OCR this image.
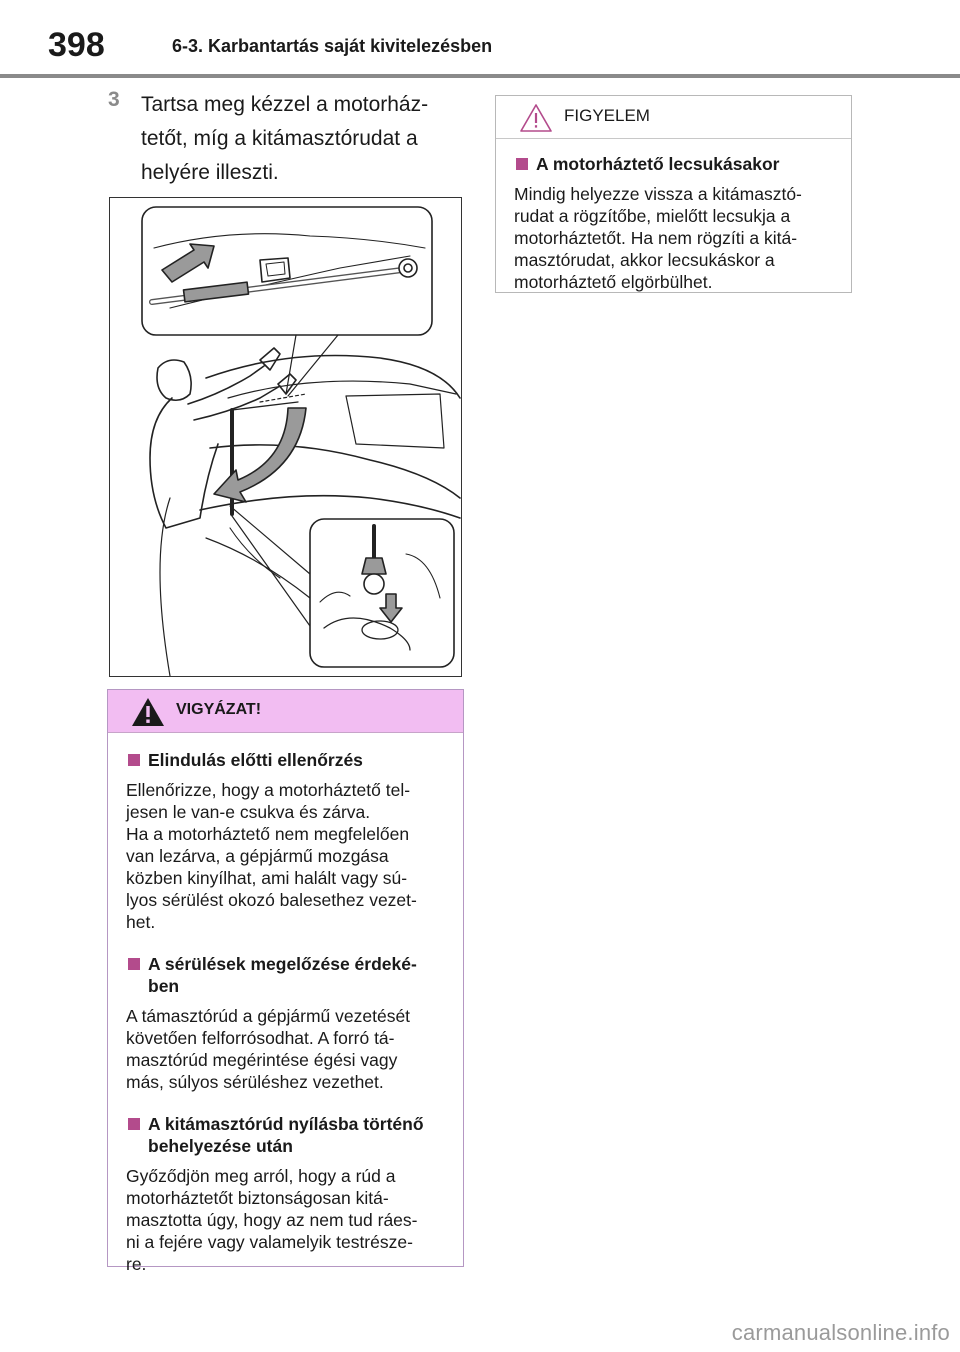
398	6-3. Karbantartás saját kivitelezésben
3 Tartsa meg kézzel a motorház-
tetőt, míg a kitámasztórudat a
helyére illeszti.
VIGYÁZAT!
Elindulás előtti ellenőrzés
Ellenőrizze, hogy a motorháztető tel-
jesen le van-e csukva és zárva.
Ha a motorháztető nem megfelelően
van lezárva, a gépjármű mozgása
közben kinyílhat, ami halált vagy sú-
lyos sérülést okozó balesethez vezet-
het.
A sérülések megelőzése érdeké-
ben
A támasztórúd a gépjármű vezetését
követően felforrósodhat. A forró tá-
masztórúd megérintése égési vagy
más, súlyos sérüléshez vezethet.
A kitámasztórúd nyílásba történő
behelyezése után
Győződjön meg arról, hogy a rúd a
motorháztetőt biztonságosan kitá-
masztotta úgy, hogy az nem tud ráes-
ni a fejére vagy valamelyik testrésze-
re.
FIGYELEM
A motorháztető lecsukásakor
Mindig helyezze vissza a kitámasztó-
rudat a rögzítőbe, mielőtt lecsukja a
motorháztetőt. Ha nem rögzíti a kitá-
masztórudat, akkor lecsukáskor a
motorháztető elgörbülhet.
carmanualsonline.info
